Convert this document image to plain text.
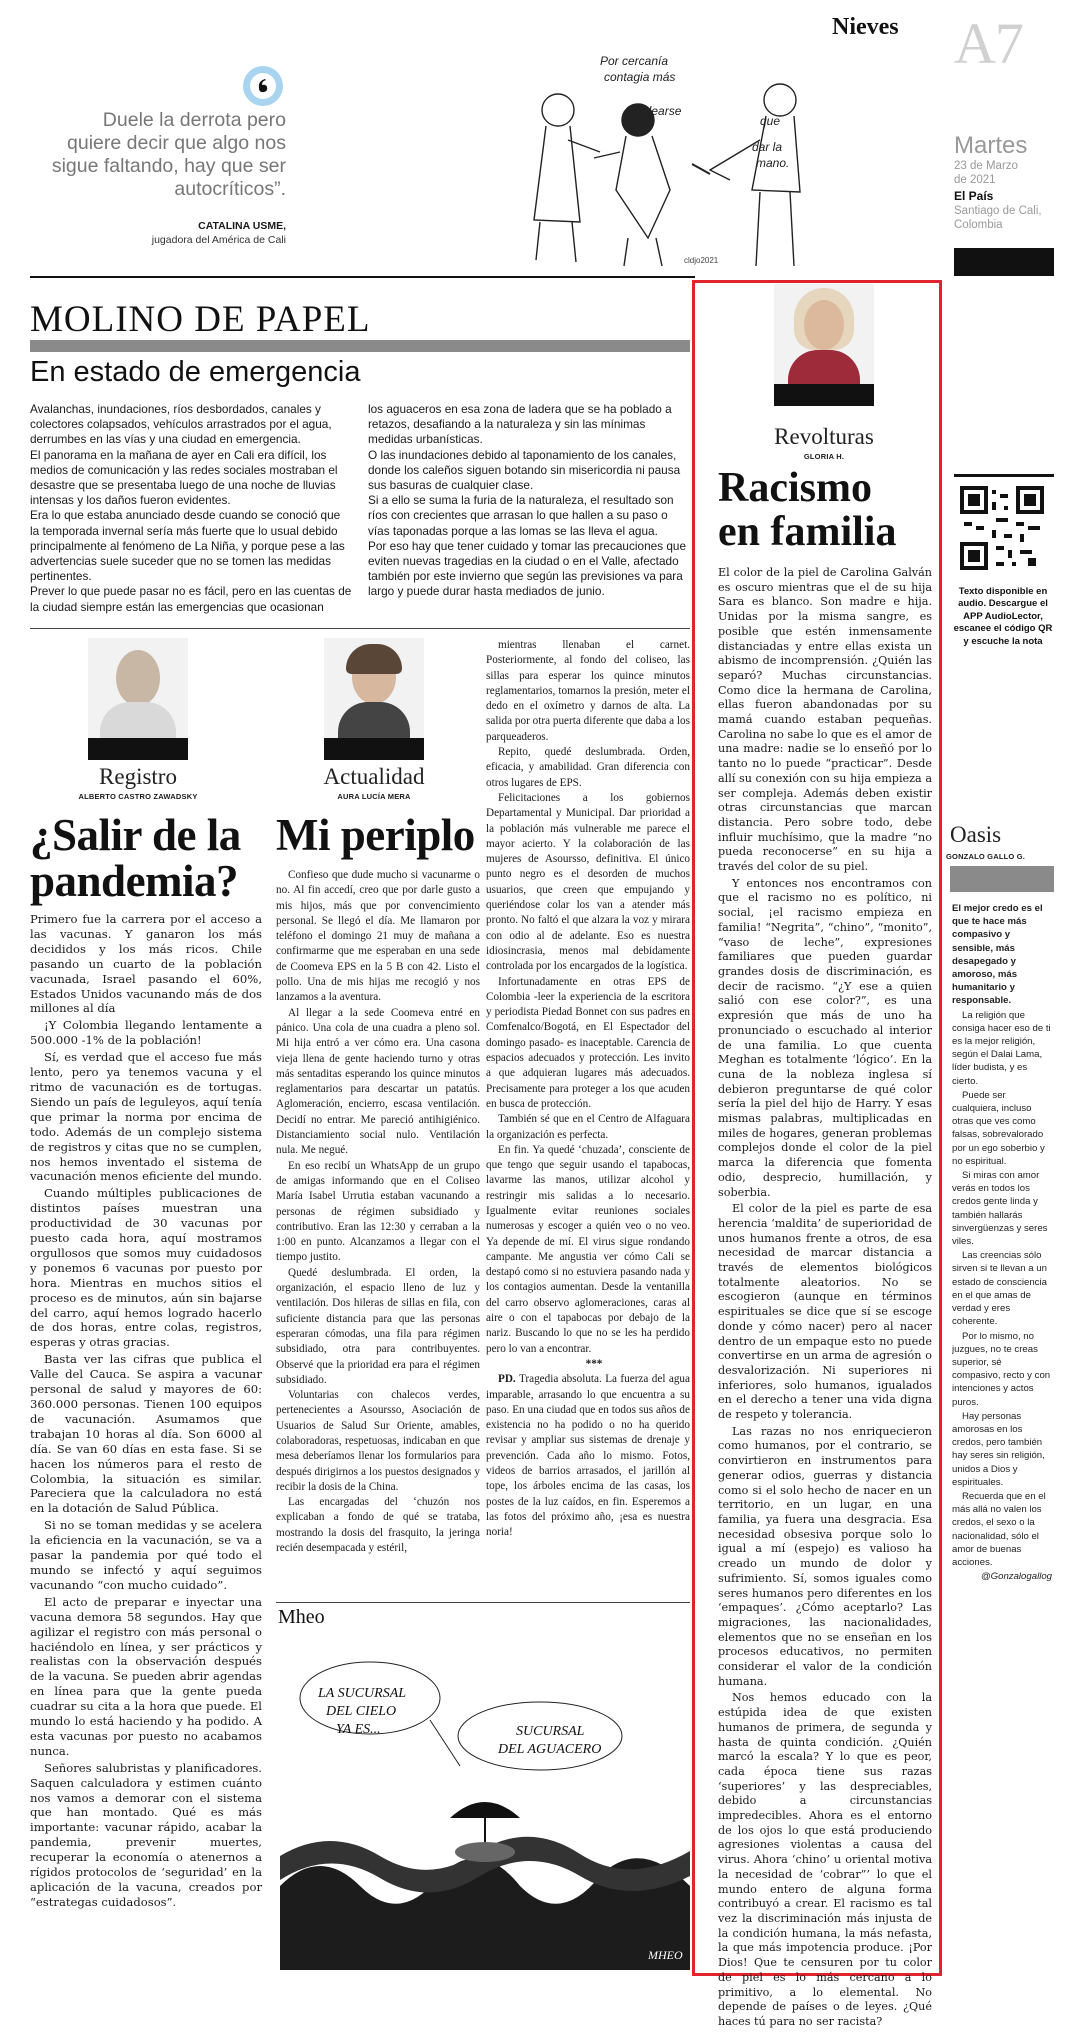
Duele la derrota pero quiere decir que algo nos sigue faltando, hay que ser autocríticos”.
CATALINA USME,
jugadora del América de Cali
Por cercanía
contagia más
codearse
que
dar la
mano.
cldjo2021
Nieves A7
Martes
23 de Marzo
de 2021
El País
Santiago de Cali,
Colombia
MOLINO DE PAPEL
En estado de emergencia

Avalanchas, inundaciones, ríos desbordados, canales y colectores colapsados, vehículos arrastrados por el agua, derrumbes en las vías y una ciudad en emergencia.

El panorama en la mañana de ayer en Cali era difícil, los medios de comunicación y las redes sociales mostraban el desastre que se presentaba luego de una noche de lluvias intensas y los daños fueron evidentes.

Era lo que estaba anunciado desde cuando se conoció que la temporada invernal sería más fuerte que lo usual debido principalmente al fenómeno de La Niña, y porque pese a las advertencias suele suceder que no se tomen las medidas pertinentes.

Prever lo que puede pasar no es fácil, pero en las cuentas de la ciudad siempre están las emergencias que ocasionan

los aguaceros en esa zona de ladera que se ha poblado a retazos, desafiando a la naturaleza y sin las mínimas medidas urbanísticas.

O las inundaciones debido al taponamiento de los canales, donde los caleños siguen botando sin misericordia ni pausa sus basuras de cualquier clase.

Si a ello se suma la furia de la naturaleza, el resultado son ríos con crecientes que arrasan lo que hallen a su paso o vías taponadas porque a las lomas se las lleva el agua.

Por eso hay que tener cuidado y tomar las precauciones que eviten nuevas tragedias en la ciudad o en el Valle, afectado también por este invierno que según las previsiones va para largo y puede durar hasta mediados de junio.

Registro
ALBERTO CASTRO ZAWADSKY
¿Salir de la pandemia?

Primero fue la carrera por el acceso a las vacunas. Y ganaron los más decididos y los más ricos. Chile pasando un cuarto de la población vacunada, Israel pasando el 60%, Estados Unidos vacunando más de dos millones al día

¡Y Colombia llegando lentamente a 500.000 -1% de la población!

Sí, es verdad que el acceso fue más lento, pero ya tenemos vacuna y el ritmo de vacunación es de tortugas. Siendo un país de leguleyos, aquí tenía que primar la norma por encima de todo. Además de un complejo sistema de registros y citas que no se cumplen, nos hemos inventado el sistema de vacunación menos eficiente del mundo.

Cuando múltiples publicaciones de distintos países muestran una productividad de 30 vacunas por puesto cada hora, aquí mostramos orgullosos que somos muy cuidadosos y ponemos 6 vacunas por puesto por hora. Mientras en muchos sitios el proceso es de minutos, aún sin bajarse del carro, aquí hemos logrado hacerlo de dos horas, entre colas, registros, esperas y otras gracias.

Basta ver las cifras que publica el Valle del Cauca. Se aspira a vacunar personal de salud y mayores de 60: 360.000 personas. Tienen 100 equipos de vacunación. Asumamos que trabajan 10 horas al día. Son 6000 al día. Se van 60 días en esta fase. Si se hacen los números para el resto de Colombia, la situación es similar. Pareciera que la calculadora no está en la dotación de Salud Pública.

Si no se toman medidas y se acelera la eficiencia en la vacunación, se va a pasar la pandemia por qué todo el mundo se infectó y aquí seguimos vacunando “con mucho cuidado”.

El acto de preparar e inyectar una vacuna demora 58 segundos. Hay que agilizar el registro con más personal o haciéndolo en línea, y ser prácticos y realistas con la observación después de la vacuna. Se pueden abrir agendas en línea para que la gente pueda cuadrar su cita a la hora que puede. El mundo lo está haciendo y ha podido. A esta vacunas por puesto no acabamos nunca.

Señores salubristas y planificadores. Saquen calculadora y estimen cuánto nos vamos a demorar con el sistema que han montado. Qué es más importante: vacunar rápido, acabar la pandemia, prevenir muertes, recuperar la economía o atenernos a rígidos protocolos de ‘seguridad’ en la aplicación de la vacuna, creados por “estrategas cuidadosos”.

Actualidad
AURA LUCÍA MERA
Mi periplo

Confieso que dude mucho si vacunarme o no. Al fin accedí, creo que por darle gusto a mis hijos, más que por convencimiento personal. Se llegó el día. Me llamaron por teléfono el domingo 21 muy de mañana a confirmarme que me esperaban en una sede de Coomeva EPS en la 5 B con 42. Listo el pollo. Una de mis hijas me recogió y nos lanzamos a la aventura.

Al llegar a la sede Coomeva entré en pánico. Una cola de una cuadra a pleno sol. Mi hija entró a ver cómo era. Una casona vieja llena de gente haciendo turno y otras más sentaditas esperando los quince minutos reglamentarios para descartar un patatús. Aglomeración, encierro, escasa ventilación. Decidí no entrar. Me pareció antihigiénico. Distanciamiento social nulo. Ventilación nula. Me negué.

En eso recibí un WhatsApp de un grupo de amigas informando que en el Coliseo María Isabel Urrutia estaban vacunando a personas de régimen subsidiado y contributivo. Eran las 12:30 y cerraban a la 1:00 en punto. Alcanzamos a llegar con el tiempo justito.

Quedé deslumbrada. El orden, la organización, el espacio lleno de luz y ventilación. Dos hileras de sillas en fila, con suficiente distancia para que las personas esperaran cómodas, una fila para régimen subsidiado, otra para contribuyentes. Observé que la prioridad era para el régimen subsidiado.

Voluntarias con chalecos verdes, pertenecientes a Asoursso, Asociación de Usuarios de Salud Sur Oriente, amables, colaboradoras, respetuosas, indicaban en que mesa deberíamos llenar los formularios para después dirigirnos a los puestos designados y recibir la dosis de la China.

Las encargadas del ‘chuzón nos explicaban a fondo de qué se trataba, mostrando la dosis del frasquito, la jeringa recién desempacada y estéril,

mientras llenaban el carnet. Posteriormente, al fondo del coliseo, las sillas para esperar los quince minutos reglamentarios, tomarnos la presión, meter el dedo en el oxímetro y darnos de alta. La salida por otra puerta diferente que daba a los parqueaderos.

Repito, quedé deslumbrada. Orden, eficacia, y amabilidad. Gran diferencia con otros lugares de EPS.

Felicitaciones a los gobiernos Departamental y Municipal. Dar prioridad a la población más vulnerable me parece el mayor acierto. Y la colaboración de las mujeres de Asoursso, definitiva. El único punto negro es el desorden de muchos usuarios, que creen que empujando y queriéndose colar los van a atender más pronto. No faltó el que alzara la voz y mirara con odio al de adelante. Eso es nuestra idiosincrasia, menos mal debidamente controlada por los encargados de la logística.

Infortunadamente en otras EPS de Colombia -leer la experiencia de la escritora y periodista Piedad Bonnet con sus padres en Comfenalco/Bogotá, en El Espectador del domingo pasado- es inaceptable. Carencia de espacios adecuados y protección. Les invito a que adquieran lugares más adecuados. Precisamente para proteger a los que acuden en busca de protección.

También sé que en el Centro de Alfaguara la organización es perfecta.

En fin. Ya quedé ‘chuzada’, consciente de que tengo que seguir usando el tapabocas, lavarme las manos, utilizar alcohol y restringir mis salidas a lo necesario. Igualmente evitar reuniones sociales numerosas y escoger a quién veo o no veo. Ya depende de mí. El virus sigue rondando campante. Me angustia ver cómo Cali se destapó como si no estuviera pasando nada y los contagios aumentan. Desde la ventanilla del carro observo aglomeraciones, caras al aire o con el tapabocas por debajo de la nariz. Buscando lo que no se les ha perdido pero lo van a encontrar.

***

PD. Tragedia absoluta. La fuerza del agua imparable, arrasando lo que encuentra a su paso. En una ciudad que en todos sus años de existencia no ha podido o no ha querido revisar y ampliar sus sistemas de drenaje y prevención. Cada año lo mismo. Fotos, videos de barrios arrasados, el jarillón al tope, los árboles encima de las casas, los postes de la luz caídos, en fin. Esperemos a las fotos del próximo año, ¡esa es nuestra noria!

Mheo
LA SUCURSAL
DEL CIELO
YA ES...	SUCURSAL
DEL AGUACERO
MHEO
Revolturas
GLORIA H.
Racismo
en familia

El color de la piel de Carolina Galván es oscuro mientras que el de su hija Sara es blanco. Son madre e hija. Unidas por la misma sangre, es posible que estén inmensamente distanciadas y entre ellas exista un abismo de incomprensión. ¿Quién las separó? Muchas circunstancias. Como dice la hermana de Carolina, ellas fueron abandonadas por su mamá cuando estaban pequeñas. Carolina no sabe lo que es el amor de una madre: nadie se lo enseñó por lo tanto no lo puede “practicar”. Desde allí su conexión con su hija empieza a ser compleja. Además deben existir otras circunstancias que marcan distancia. Pero sobre todo, debe influir muchísimo, que la madre “no pueda reconocerse” en su hija a través del color de su piel.

Y entonces nos encontramos con que el racismo no es político, ni social, ¡el racismo empieza en familia! “Negrita”, “chino”, “monito”, “vaso de leche”, expresiones familiares que pueden guardar grandes dosis de discriminación, es decir de racismo. “¿Y ese a quien salió con ese color?”, es una expresión que más de uno ha pronunciado o escuchado al interior de una familia. Lo que cuenta Meghan es totalmente ‘lógico’. En la cuna de la nobleza inglesa sí debieron preguntarse de qué color sería la piel del hijo de Harry. Y esas mismas palabras, multiplicadas en miles de hogares, generan problemas complejos donde el color de la piel marca la diferencia que fomenta odio, desprecio, humillación, y soberbia.

El color de la piel es parte de esa herencia ‘maldita’ de superioridad de unos humanos frente a otros, de esa necesidad de marcar distancia a través de elementos biológicos totalmente aleatorios. No se escogieron (aunque en términos espirituales se dice que sí se escoge donde y cómo nacer) pero al nacer dentro de un empaque esto no puede convertirse en un arma de agresión o desvalorización. Ni superiores ni inferiores, solo humanos, igualados en el derecho a tener una vida digna de respeto y tolerancia.

Las razas no nos enriquecieron como humanos, por el contrario, se convirtieron en instrumentos para generar odios, guerras y distancia como si el solo hecho de nacer en un territorio, en un lugar, en una familia, ya fuera una desgracia. Esa necesidad obsesiva porque solo lo igual a mí (espejo) es valioso ha creado un mundo de dolor y sufrimiento. Sí, somos iguales como seres humanos pero diferentes en los ‘empaques’. ¿Cómo aceptarlo? Las migraciones, las nacionalidades, elementos que no se enseñan en los procesos educativos, no permiten considerar el valor de la condición humana.

Nos hemos educado con la estúpida idea de que existen humanos de primera, de segunda y hasta de quinta condición. ¿Quién marcó la escala? Y lo que es peor, cada época tiene sus razas ‘superiores’ y las despreciables, debido a circunstancias impredecibles. Ahora es el entorno de los ojos lo que está produciendo agresiones violentas a causa del virus. Ahora ‘chino’ u oriental motiva la necesidad de ‘cobrar”’ lo que el mundo entero de alguna forma contribuyó a crear. El racismo es tal vez la discriminación más injusta de la condición humana, la más nefasta, la que más impotencia produce. ¡Por Dios! Que te censuren por tu color de piel es lo más cercano a lo primitivo, a lo elemental. No depende de países o de leyes. ¿Qué haces tú para no ser racista?

Texto disponible en audio. Descargue el APP AudioLector, escanee el código QR y escuche la nota
Oasis
GONZALO GALLO G.

El mejor credo es el que te hace más compasivo y sensible, más desapegado y amoroso, más humanitario y responsable.

La religión que consiga hacer eso de ti es la mejor religión, según el Dalai Lama, líder budista, y es cierto.

Puede ser cualquiera, incluso otras que ves como falsas, sobrevalorado por un ego soberbio y no espiritual.

Si miras con amor verás en todos los credos gente linda y también hallarás sinvergüenzas y seres viles.

Las creencias sólo sirven si te llevan a un estado de consciencia en el que amas de verdad y eres coherente.

Por lo mismo, no juzgues, no te creas superior, sé compasivo, recto y con intenciones y actos puros.

Hay personas amorosas en los credos, pero también hay seres sin religión, unidos a Dios y espirituales.

Recuerda que en el más allá no valen los credos, el sexo o la nacionalidad, sólo el amor de buenas acciones.

@Gonzalogallog
